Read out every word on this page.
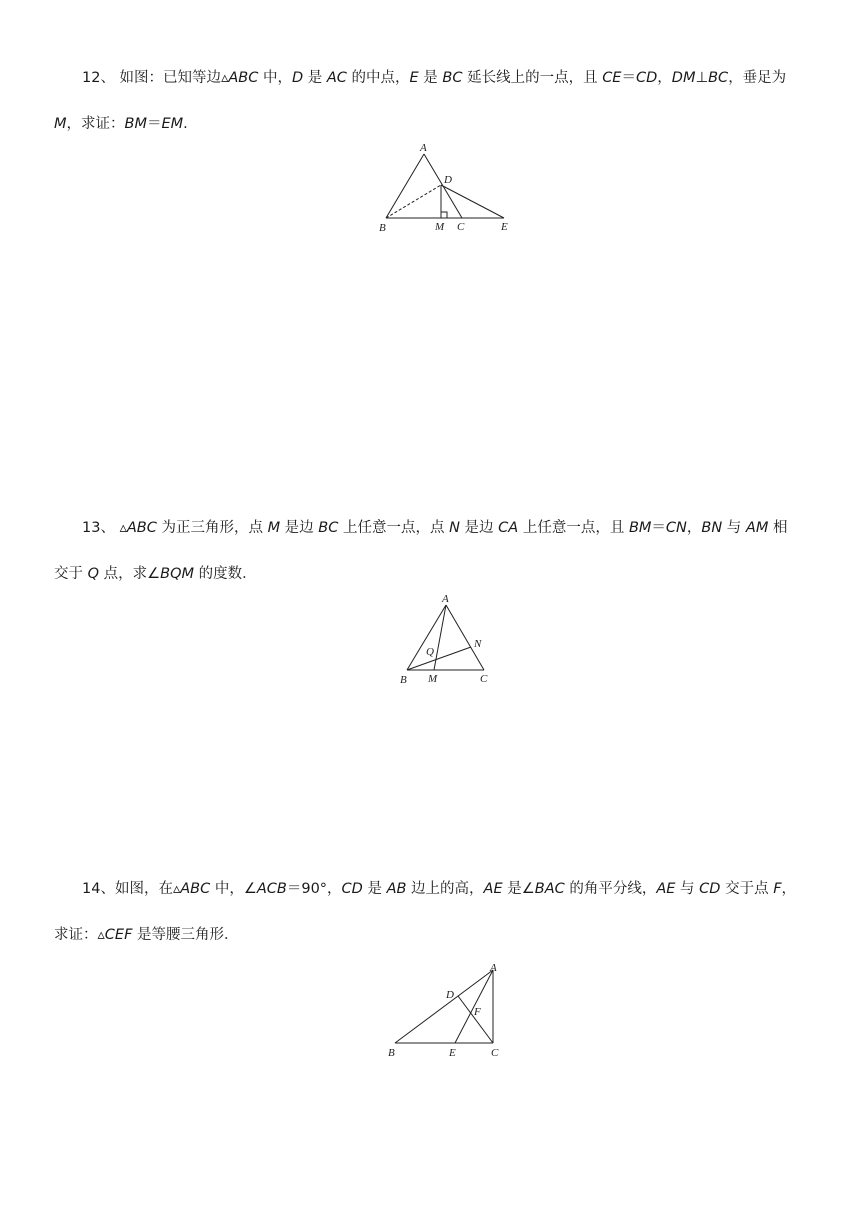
12、 如图：已知等边▵ABC 中，D 是 AC 的中点，E 是 BC 延长线上的一点，且 CE＝CD，DM⊥BC，垂足为
M，求证：BM＝EM.
A
B
D
M C	E
13、 ▵ABC 为正三角形，点 M 是边 BC 上任意一点，点 N 是边 CA 上任意一点，且 BM＝CN，BN 与 AM 相
交于 Q 点，求∠BQM 的度数．
A
N
Q
B M	C
14、如图，在▵ABC 中，∠ACB＝90°，CD 是 AB 边上的高，AE 是∠BAC 的角平分线，AE 与 CD 交于点 F，
求证：▵CEF 是等腰三角形．
A
D
F
B	E	C
